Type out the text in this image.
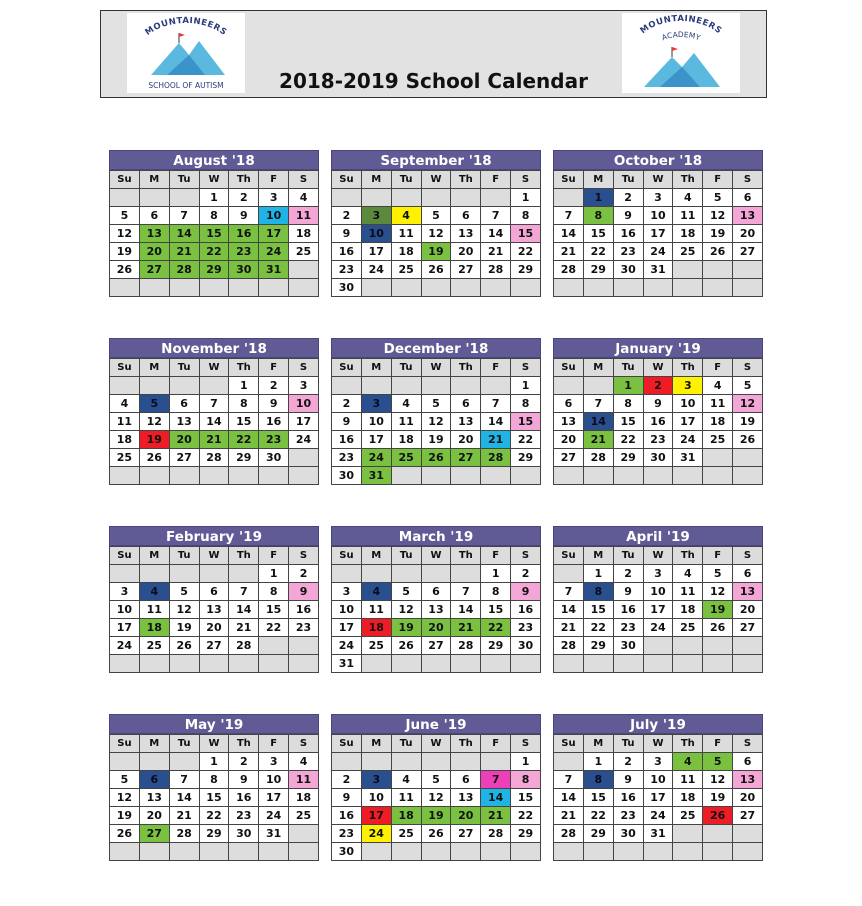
MOUNTAINEERS
SCHOOL OF AUTISM
MOUNTAINEERS
ACADEMY
2018-2019 School Calendar
August '18
Su	M	Tu	W	Th	F	S
			1	2	3	4
5	6	7	8	9	10	11
12	13	14	15	16	17	18
19	20	21	22	23	24	25
26	27	28	29	30	31	

September '18
Su	M	Tu	W	Th	F	S
						1
2	3	4	5	6	7	8
9	10	11	12	13	14	15
16	17	18	19	20	21	22
23	24	25	26	27	28	29
30						
October '18
Su	M	Tu	W	Th	F	S
	1	2	3	4	5	6
7	8	9	10	11	12	13
14	15	16	17	18	19	20
21	22	23	24	25	26	27
28	29	30	31			

November '18
Su	M	Tu	W	Th	F	S
				1	2	3
4	5	6	7	8	9	10
11	12	13	14	15	16	17
18	19	20	21	22	23	24
25	26	27	28	29	30	

December '18
Su	M	Tu	W	Th	F	S
						1
2	3	4	5	6	7	8
9	10	11	12	13	14	15
16	17	18	19	20	21	22
23	24	25	26	27	28	29
30	31					
January '19
Su	M	Tu	W	Th	F	S
		1	2	3	4	5
6	7	8	9	10	11	12
13	14	15	16	17	18	19
20	21	22	23	24	25	26
27	28	29	30	31		

February '19
Su	M	Tu	W	Th	F	S
					1	2
3	4	5	6	7	8	9
10	11	12	13	14	15	16
17	18	19	20	21	22	23
24	25	26	27	28		

March '19
Su	M	Tu	W	Th	F	S
					1	2
3	4	5	6	7	8	9
10	11	12	13	14	15	16
17	18	19	20	21	22	23
24	25	26	27	28	29	30
31						
April '19
Su	M	Tu	W	Th	F	S
	1	2	3	4	5	6
7	8	9	10	11	12	13
14	15	16	17	18	19	20
21	22	23	24	25	26	27
28	29	30				

May '19
Su	M	Tu	W	Th	F	S
			1	2	3	4
5	6	7	8	9	10	11
12	13	14	15	16	17	18
19	20	21	22	23	24	25
26	27	28	29	30	31	

June '19
Su	M	Tu	W	Th	F	S
						1
2	3	4	5	6	7	8
9	10	11	12	13	14	15
16	17	18	19	20	21	22
23	24	25	26	27	28	29
30						
July '19
Su	M	Tu	W	Th	F	S
	1	2	3	4	5	6
7	8	9	10	11	12	13
14	15	16	17	18	19	20
21	22	23	24	25	26	27
28	29	30	31			
